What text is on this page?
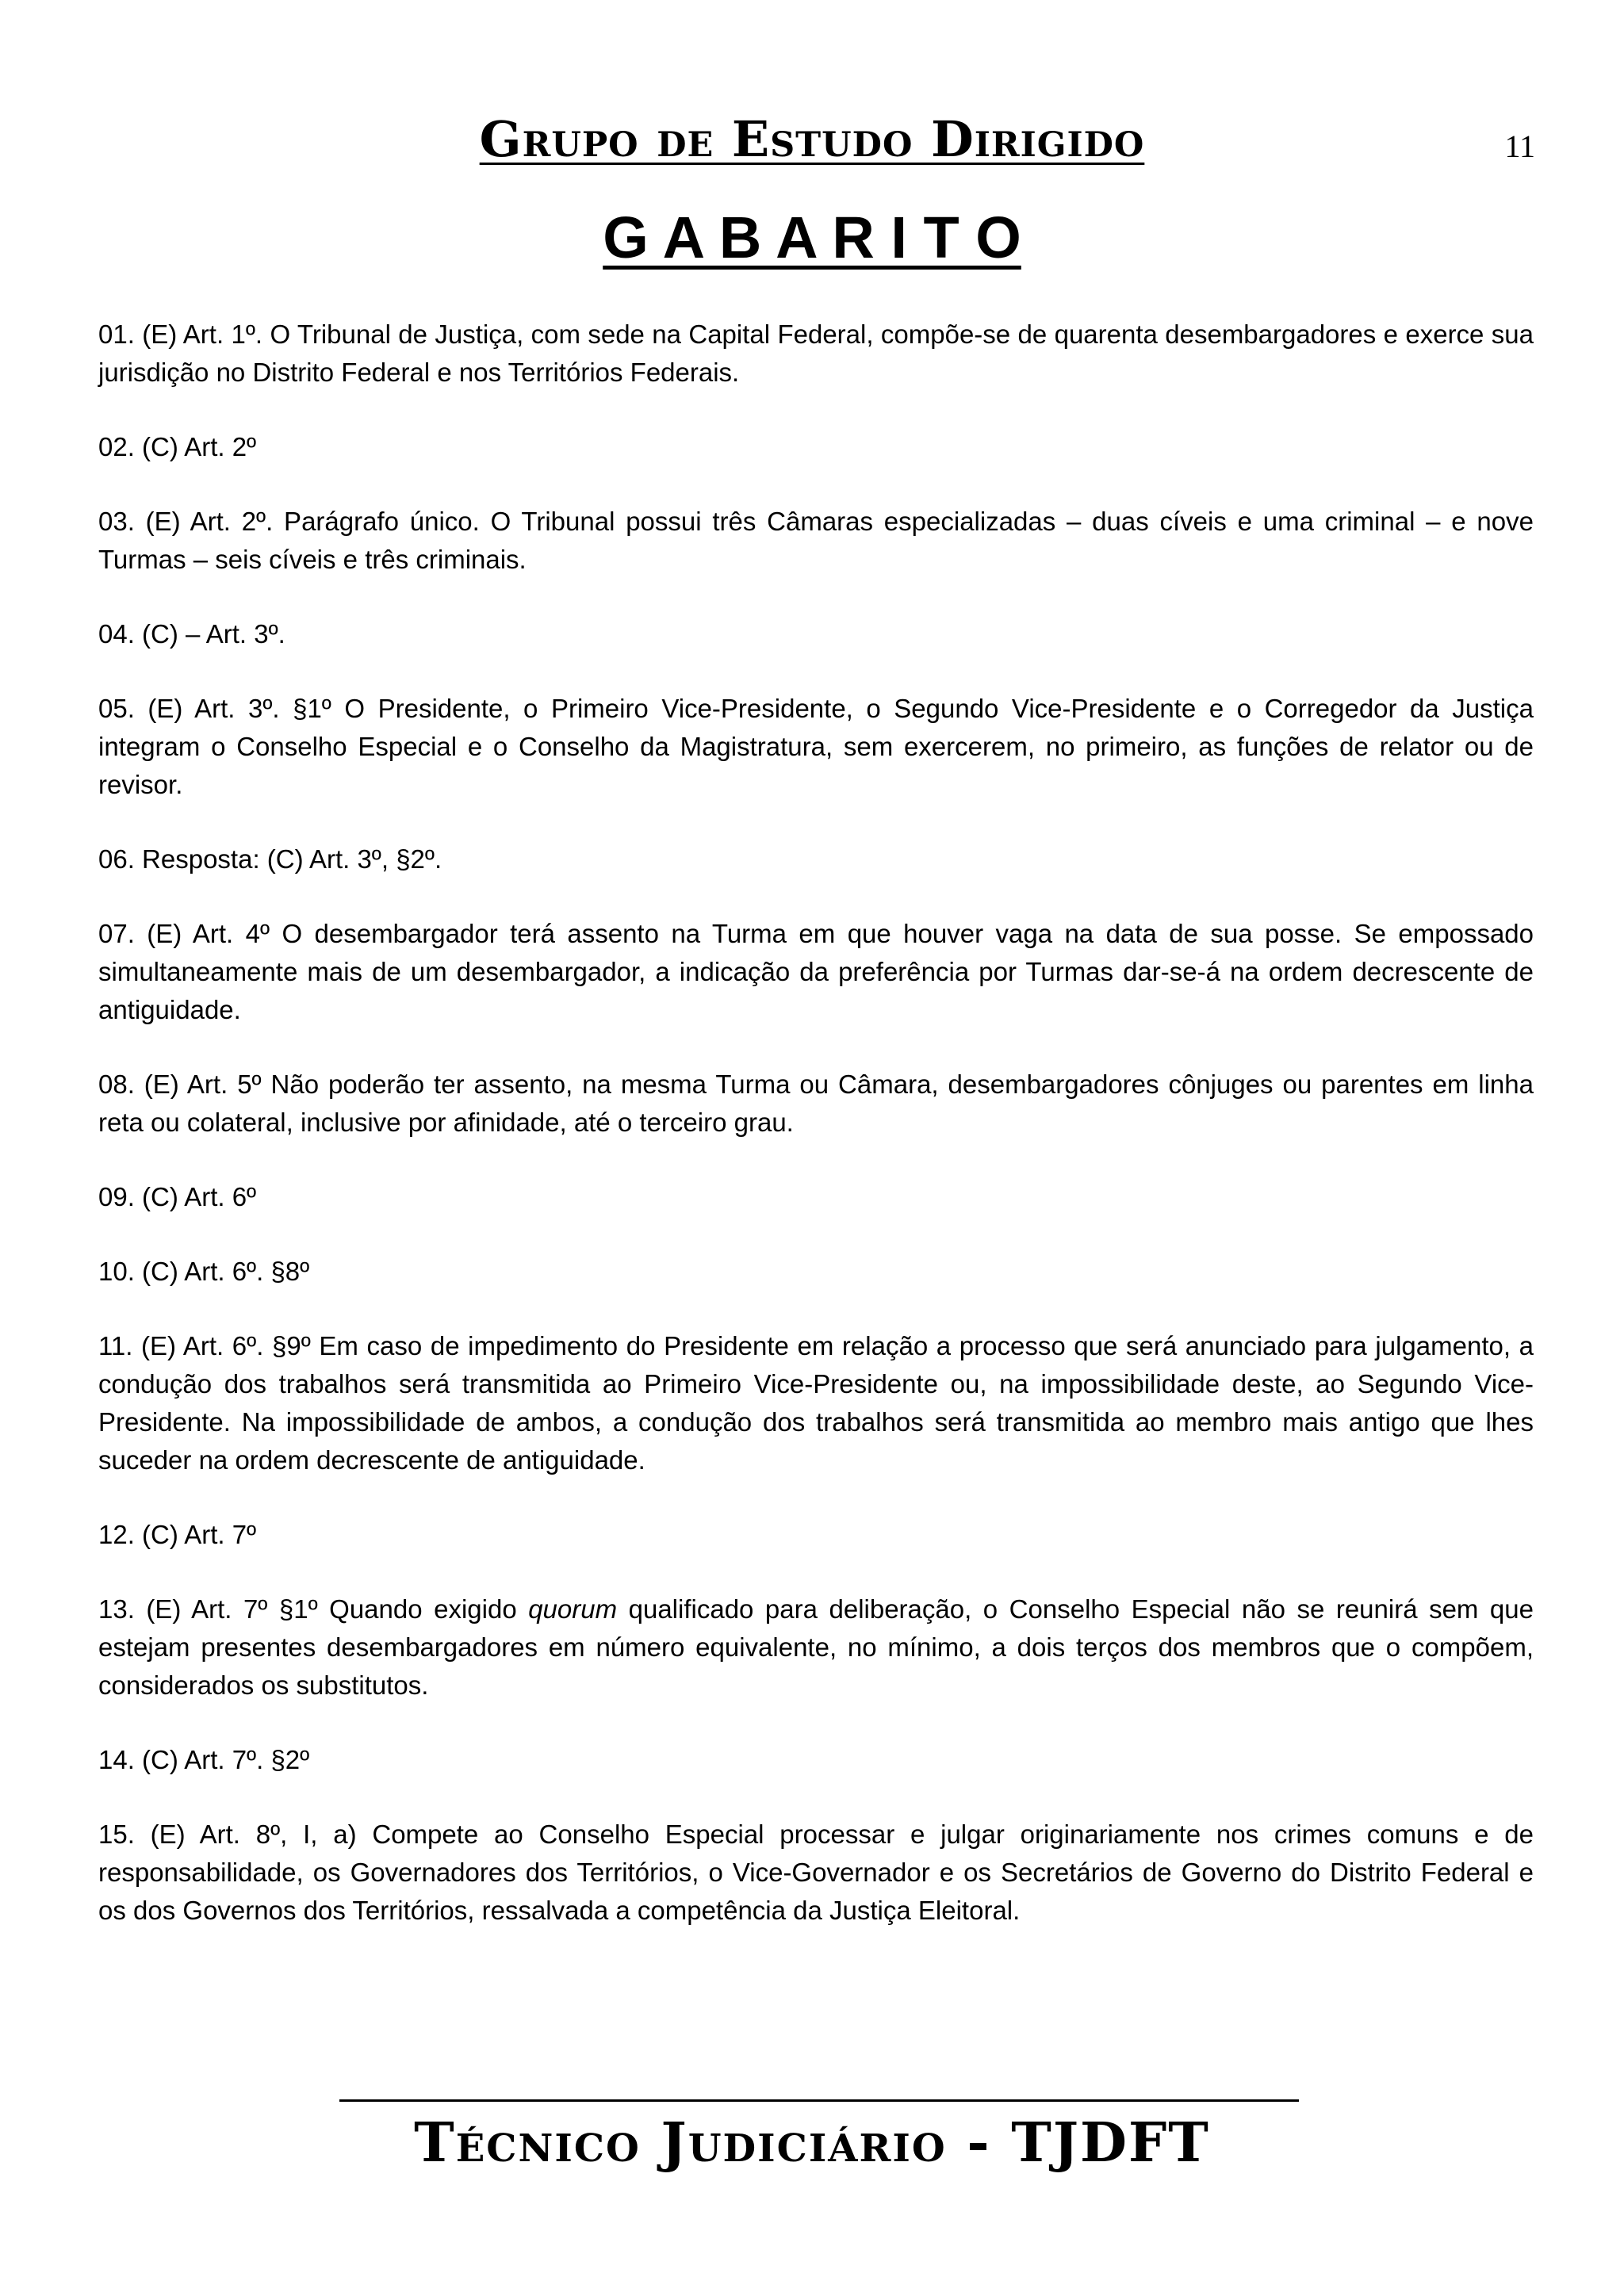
Grupo de Estudo Dirigido	11
G A B A R I T O

01. (E) Art. 1º. O Tribunal de Justiça, com sede na Capital Federal, compõe-se de quarenta desembargadores e exerce sua jurisdição no Distrito Federal e nos Territórios Federais.

02. (C) Art. 2º

03. (E) Art. 2º. Parágrafo único. O Tribunal possui três Câmaras especializadas – duas cíveis e uma criminal – e nove Turmas – seis cíveis e três criminais.

04. (C) – Art. 3º.

05. (E) Art. 3º. §1º O Presidente, o Primeiro Vice-Presidente, o Segundo Vice-Presidente e o Corregedor da Justiça integram o Conselho Especial e o Conselho da Magistratura, sem exercerem, no primeiro, as funções de relator ou de revisor.

06. Resposta: (C) Art. 3º, §2º.

07. (E) Art. 4º O desembargador terá assento na Turma em que houver vaga na data de sua posse. Se empossado simultaneamente mais de um desembargador, a indicação da preferência por Turmas dar-se-á na ordem decrescente de antiguidade.

08. (E) Art. 5º Não poderão ter assento, na mesma Turma ou Câmara, desembargadores cônjuges ou parentes em linha reta ou colateral, inclusive por afinidade, até o terceiro grau.

09. (C) Art. 6º

10. (C) Art. 6º. §8º

11. (E) Art. 6º. §9º Em caso de impedimento do Presidente em relação a processo que será anunciado para julgamento, a condução dos trabalhos será transmitida ao Primeiro Vice-Presidente ou, na impossibilidade deste, ao Segundo Vice-Presidente. Na impossibilidade de ambos, a condução dos trabalhos será transmitida ao membro mais antigo que lhes suceder na ordem decrescente de antiguidade.

12. (C) Art. 7º

13. (E) Art. 7º §1º Quando exigido quorum qualificado para deliberação, o Conselho Especial não se reunirá sem que estejam presentes desembargadores em número equivalente, no mínimo, a dois terços dos membros que o compõem, considerados os substitutos.

14. (C) Art. 7º. §2º

15. (E) Art. 8º, I, a) Compete ao Conselho Especial processar e julgar originariamente nos crimes comuns e de responsabilidade, os Governadores dos Territórios, o Vice-Governador e os Secretários de Governo do Distrito Federal e os dos Governos dos Territórios, ressalvada a competência da Justiça Eleitoral.

Técnico Judiciário - TJDFT
